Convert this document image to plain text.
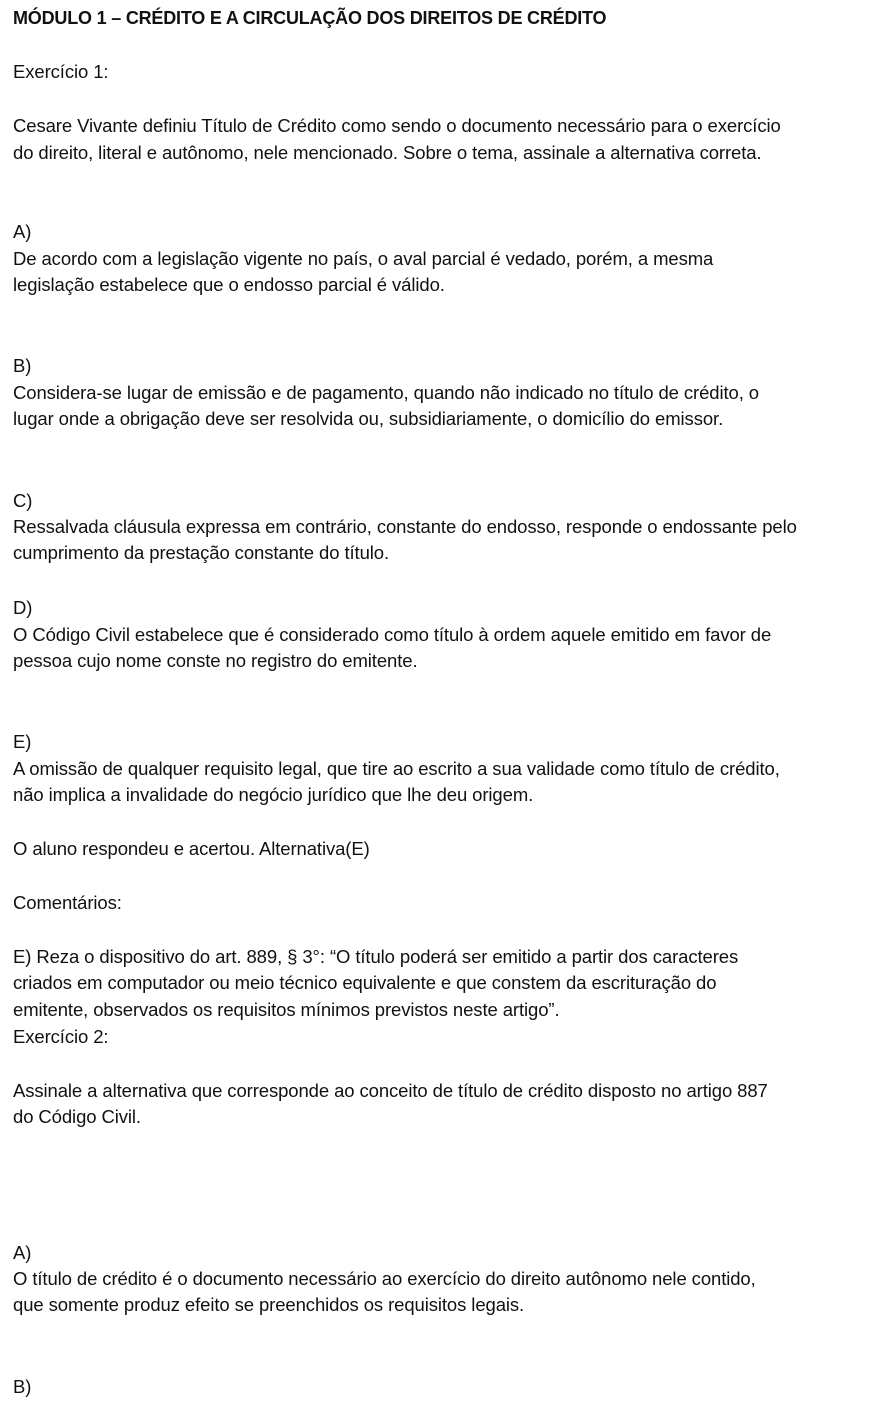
MÓDULO 1 – CRÉDITO E A CIRCULAÇÃO DOS DIREITOS DE CRÉDITO
Exercício 1:
Cesare Vivante definiu Título de Crédito como sendo o documento necessário para o exercício
do direito, literal e autônomo, nele mencionado. Sobre o tema, assinale a alternativa correta.
A)
De acordo com a legislação vigente no país, o aval parcial é vedado, porém, a mesma
legislação estabelece que o endosso parcial é válido.
B)
Considera-se lugar de emissão e de pagamento, quando não indicado no título de crédito, o
lugar onde a obrigação deve ser resolvida ou, subsidiariamente, o domicílio do emissor.
C)
Ressalvada cláusula expressa em contrário, constante do endosso, responde o endossante pelo
cumprimento da prestação constante do título.
D)
O Código Civil estabelece que é considerado como título à ordem aquele emitido em favor de
pessoa cujo nome conste no registro do emitente.
E)
A omissão de qualquer requisito legal, que tire ao escrito a sua validade como título de crédito,
não implica a invalidade do negócio jurídico que lhe deu origem.
O aluno respondeu e acertou. Alternativa(E)
Comentários:
E) Reza o dispositivo do art. 889, § 3°: “O título poderá ser emitido a partir dos caracteres
criados em computador ou meio técnico equivalente e que constem da escrituração do
emitente, observados os requisitos mínimos previstos neste artigo”.
Exercício 2:
Assinale a alternativa que corresponde ao conceito de título de crédito disposto no artigo 887
do Código Civil.
A)
O título de crédito é o documento necessário ao exercício do direito autônomo nele contido,
que somente produz efeito se preenchidos os requisitos legais.
B)
